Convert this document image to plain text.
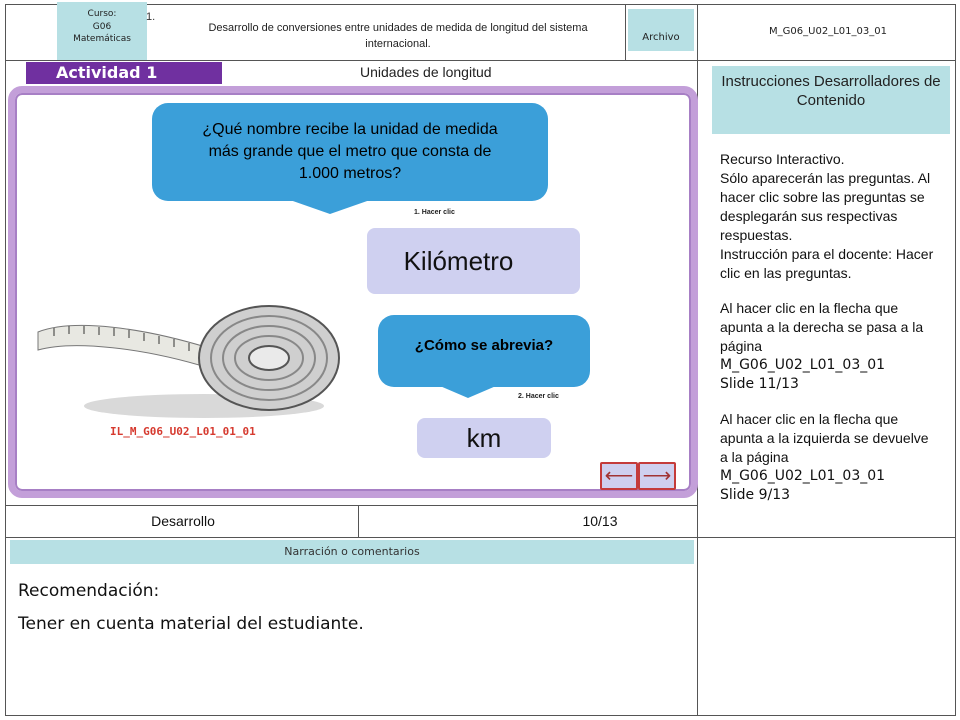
Curso:
G06
Matemáticas
1.
Desarrollo de conversiones entre unidades de medida de longitud del sistema internacional.
Archivo
M_G06_U02_L01_03_01
Actividad 1	Unidades de longitud
¿Qué nombre recibe la unidad de medida más grande que el metro que consta de 1.000 metros?
1. Hacer clic
Kilómetro
IL_M_G06_U02_L01_01_01
¿Cómo se abrevia?
2. Hacer clic
km
⟵ ⟶
Instrucciones Desarrolladores de Contenido

Recurso Interactivo.

Sólo aparecerán las preguntas. Al hacer clic sobre las preguntas se desplegarán sus respectivas respuestas.

Instrucción para el docente: Hacer clic en las preguntas.

Al hacer clic en la flecha que apunta a la derecha se pasa a la página

M_G06_U02_L01_03_01

Slide 11/13

Al hacer clic en la flecha que apunta a la izquierda se devuelve a la página

M_G06_U02_L01_03_01

Slide 9/13

Desarrollo	10/13
Narración o comentarios
Recomendación:
Tener en cuenta material del estudiante.
